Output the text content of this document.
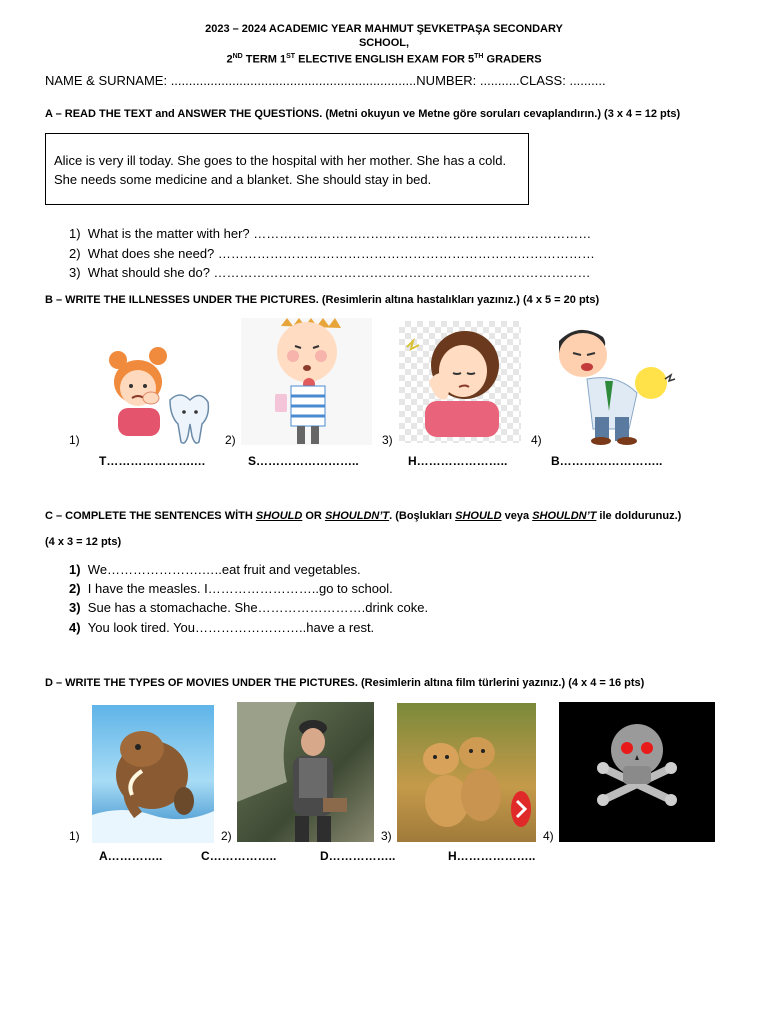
2023 – 2024 ACADEMIC YEAR MAHMUT ŞEVKETPAŞA SECONDARY
SCHOOL,
2ND TERM 1ST ELECTIVE ENGLISH EXAM FOR 5TH GRADERS
NAME & SURNAME: ....................................................................NUMBER: ...........CLASS: ..........
A – READ THE TEXT and ANSWER THE QUESTİONS. (Metni okuyun ve Metne göre soruları cevaplandırın.) (3 x 4 = 12 pts)
Alice is very ill today. She goes to the hospital with her mother. She has a cold. She needs some medicine and a blanket. She should stay in bed.
1) What is the matter with her? ……………………………………………………………………
2) What does she need? ……………………………………………………………………………
3) What should she do? ……………………………………………………………………………
B – WRITE THE ILLNESSES UNDER THE PICTURES. (Resimlerin altına hastalıkları yazınız.) (4 x 5 = 20 pts)
1)	2)	3)	4)
T………………….…	S……………………..	H…………………..	B……………………..
C – COMPLETE THE SENTENCES WİTH SHOULD OR SHOULDN’T. (Boşlukları SHOULD veya SHOULDN’T ile doldurunuz.)
(4 x 3 = 12 pts)
1) We………………….…..eat fruit and vegetables.
2) I have the measles. I……………………..go to school.
3) Sue has a stomachache. She…………………….drink coke.
4) You look tired. You……………………..have a rest.
D – WRITE THE TYPES OF MOVIES UNDER THE PICTURES. (Resimlerin altına film türlerini yazınız.) (4 x 4 = 16 pts)
1)	2)	3)	4)
A…………..	C……………..	D……………..	H………………..
